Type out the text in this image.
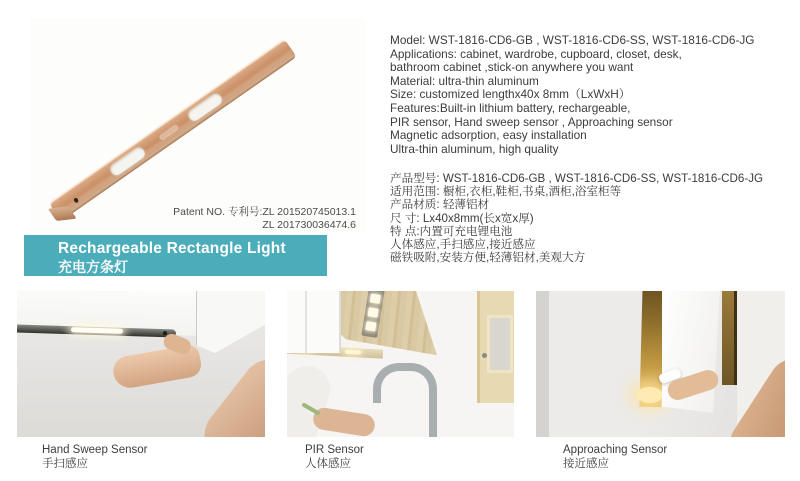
Patent NO. 专利号:ZL 201520745013.1
ZL 201730036474.6
Rechargeable Rectangle Light
充电方条灯
Model: WST-1816-CD6-GB , WST-1816-CD6-SS, WST-1816-CD6-JG
Applications: cabinet, wardrobe, cupboard, closet, desk,
bathroom cabinet ,stick-on anywhere you want
Material: ultra-thin aluminum
Size: customized lengthx40x 8mm（LxWxH）
Features:Built-in lithium battery, rechargeable,
PIR sensor, Hand sweep sensor , Approaching sensor
Magnetic adsorption, easy installation
Ultra-thin aluminum, high quality
产品型号: WST-1816-CD6-GB , WST-1816-CD6-SS, WST-1816-CD6-JG
适用范围: 橱柜,衣柜,鞋柜,书桌,酒柜,浴室柜等
产品材质: 轻薄铝材
尺 寸: Lx40x8mm(长x宽x厚)
特 点:内置可充电锂电池
人体感应,手扫感应,接近感应
磁铁吸附,安装方便,轻薄铝材,美观大方
Hand Sweep Sensor
手扫感应
PIR Sensor
人体感应
Approaching Sensor
接近感应
